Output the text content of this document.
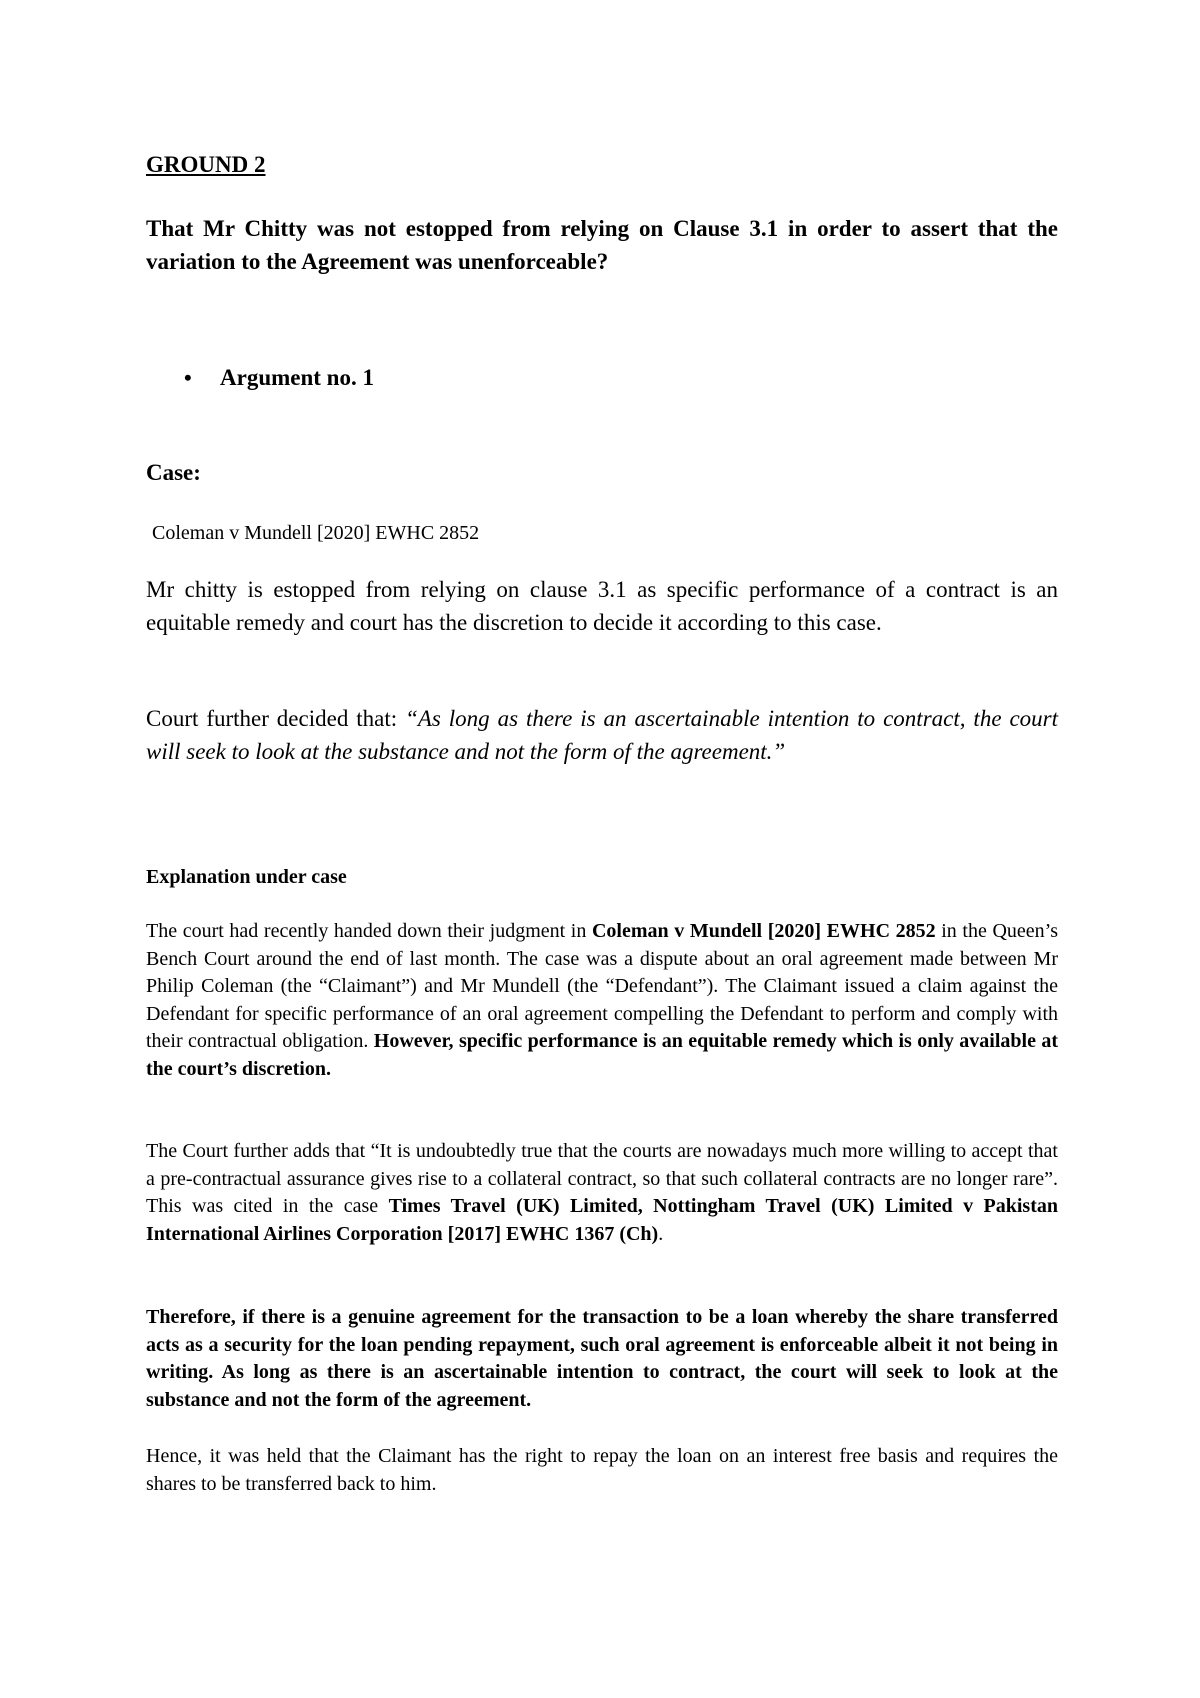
GROUND 2

That Mr Chitty was not estopped from relying on Clause 3.1 in order to assert that the variation to the Agreement was unenforceable?

• Argument no. 1

Case:

Coleman v Mundell [2020] EWHC 2852

Mr chitty is estopped from relying on clause 3.1 as specific performance of a contract is an equitable remedy and court has the discretion to decide it according to this case.

Court further decided that: “As long as there is an ascertainable intention to contract, the court will seek to look at the substance and not the form of the agreement.”

Explanation under case

The court had recently handed down their judgment in Coleman v Mundell [2020] EWHC 2852 in the Queen’s Bench Court around the end of last month. The case was a dispute about an oral agreement made between Mr Philip Coleman (the “Claimant”) and Mr Mundell (the “Defendant”). The Claimant issued a claim against the Defendant for specific performance of an oral agreement compelling the Defendant to perform and comply with their contractual obligation. However, specific performance is an equitable remedy which is only available at the court’s discretion.

The Court further adds that “It is undoubtedly true that the courts are nowadays much more willing to accept that a pre-contractual assurance gives rise to a collateral contract, so that such collateral contracts are no longer rare”. This was cited in the case Times Travel (UK) Limited, Nottingham Travel (UK) Limited v Pakistan International Airlines Corporation [2017] EWHC 1367 (Ch).

Therefore, if there is a genuine agreement for the transaction to be a loan whereby the share transferred acts as a security for the loan pending repayment, such oral agreement is enforceable albeit it not being in writing. As long as there is an ascertainable intention to contract, the court will seek to look at the substance and not the form of the agreement.

Hence, it was held that the Claimant has the right to repay the loan on an interest free basis and requires the shares to be transferred back to him.
